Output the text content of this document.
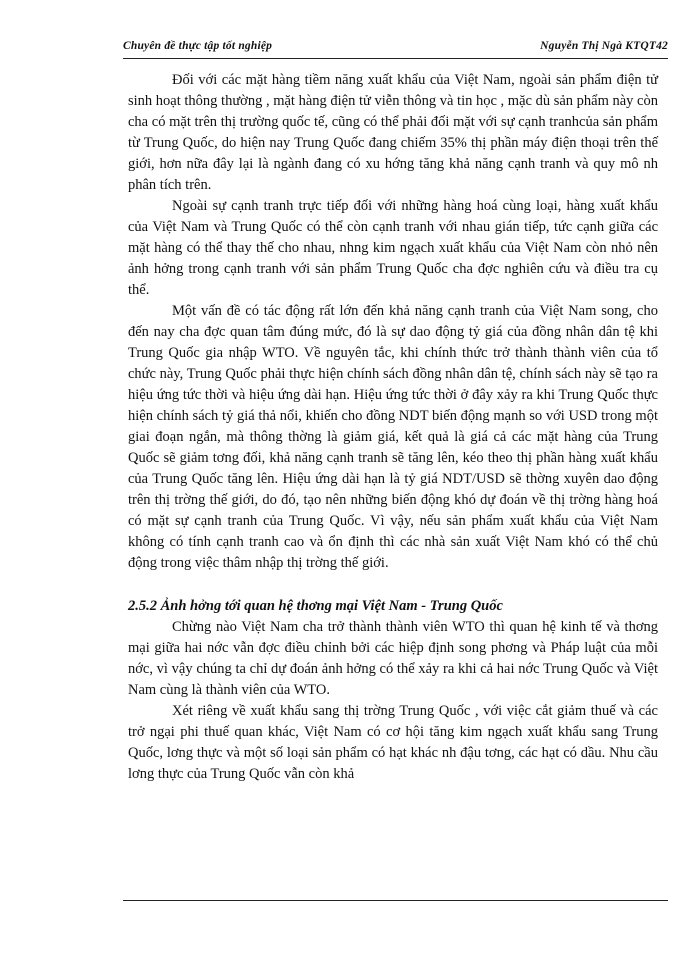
Chuyên đề thực tập tốt nghiệp	Nguyễn Thị Ngà KTQT42

Đối với các mặt hàng tiềm năng xuất khẩu của Việt Nam, ngoài sản phẩm điện tử sinh hoạt thông thường , mặt hàng điện tử viễn thông và tin học , mặc dù sản phẩm này còn cha có mặt trên thị trường quốc tế, cũng có thể phải đối mặt với sự cạnh tranhcủa sản phẩm từ Trung Quốc, do hiện nay Trung Quốc đang chiếm 35% thị phần máy điện thoại trên thế giới, hơn nữa đây lại là ngành đang có xu hớng tăng khả năng cạnh tranh và quy mô nh phân tích trên.

Ngoài sự cạnh tranh trực tiếp đối với những hàng hoá cùng loại, hàng xuất khẩu của Việt Nam và Trung Quốc có thể còn cạnh tranh với nhau gián tiếp, tức cạnh giữa các mặt hàng có thể thay thế cho nhau, nhng kim ngạch xuất khẩu của Việt Nam còn nhỏ nên ảnh hởng trong cạnh tranh với sản phẩm Trung Quốc cha đợc nghiên cứu và điều tra cụ thể.

Một vấn đề có tác động rất lớn đến khả năng cạnh tranh của Việt Nam song, cho đến nay cha đợc quan tâm đúng mức, đó là sự dao động tỷ giá của đồng nhân dân tệ khi Trung Quốc gia nhập WTO. Về nguyên tắc, khi chính thức trở thành thành viên của tổ chức này, Trung Quốc phải thực hiện chính sách đồng nhân dân tệ, chính sách này sẽ tạo ra hiệu ứng tức thời và hiệu ứng dài hạn. Hiệu ứng tức thời ở đây xảy ra khi Trung Quốc thực hiện chính sách tỷ giá thả nổi, khiến cho đồng NDT biến động mạnh so với USD trong một giai đoạn ngắn, mà thông thờng là giảm giá, kết quả là giá cả các mặt hàng của Trung Quốc sẽ giảm tơng đối, khả năng cạnh tranh sẽ tăng lên, kéo theo thị phần hàng xuất khẩu của Trung Quốc tăng lên. Hiệu ứng dài hạn là tỷ giá NDT/USD sẽ thờng xuyên dao động trên thị trờng thế giới, do đó, tạo nên những biến động khó dự đoán về thị trờng hàng hoá có mặt sự cạnh tranh của Trung Quốc. Vì vậy, nếu sản phẩm xuất khẩu của Việt Nam không có tính cạnh tranh cao và ổn định thì các nhà sản xuất Việt Nam khó có thể chủ động trong việc thâm nhập thị trờng thế giới.

2.5.2 Ảnh hởng tới quan hệ thơng mại Việt Nam - Trung Quốc

Chừng nào Việt Nam cha trở thành thành viên WTO thì quan hệ kinh tế và thơng mại giữa hai nớc vẫn đợc điều chỉnh bởi các hiệp định song phơng và Pháp luật của mỗi nớc, vì vậy chúng ta chỉ dự đoán ảnh hởng có thể xảy ra khi cả hai nớc Trung Quốc và Việt Nam cùng là thành viên của WTO.

Xét riêng về xuất khẩu sang thị trờng Trung Quốc , với việc cắt giảm thuế và các trở ngại phi thuế quan khác, Việt Nam có cơ hội tăng kim ngạch xuất khẩu sang Trung Quốc, lơng thực và một số loại sản phẩm có hạt khác nh đậu tơng, các hạt có dầu. Nhu cầu lơng thực của Trung Quốc vẫn còn khả
